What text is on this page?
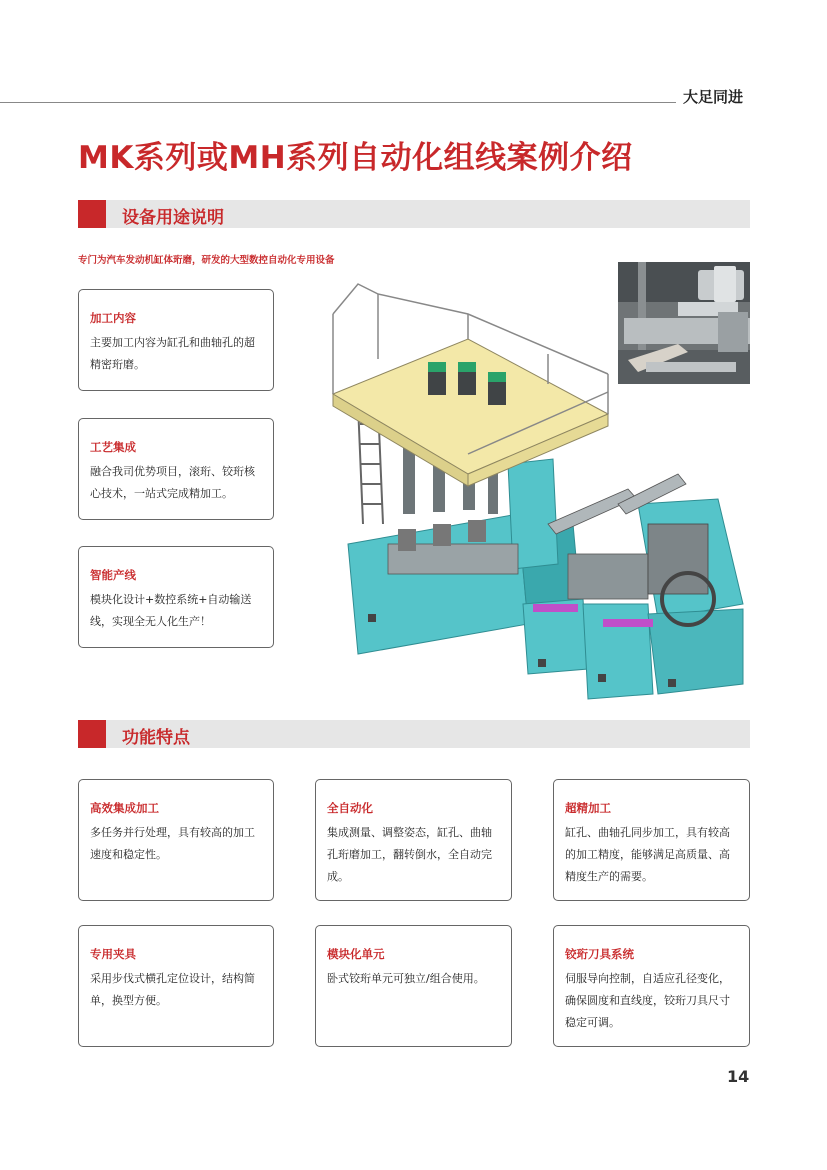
大足同进
MK系列或MH系列自动化组线案例介绍
设备用途说明
专门为汽车发动机缸体珩磨，研发的大型数控自动化专用设备
加工内容
主要加工内容为缸孔和曲轴孔的超精密珩磨。
工艺集成
融合我司优势项目，滚珩、铰珩核心技术，一站式完成精加工。
智能产线
模块化设计+数控系统+自动输送线，实现全无人化生产！
功能特点
高效集成加工
多任务并行处理，具有较高的加工速度和稳定性。
全自动化
集成测量、调整姿态，缸孔、曲轴孔珩磨加工，翻转倒水，全自动完成。
超精加工
缸孔、曲轴孔同步加工，具有较高的加工精度，能够满足高质量、高精度生产的需要。
专用夹具
采用步伐式横孔定位设计，结构简单，换型方便。
模块化单元
卧式铰珩单元可独立/组合使用。
铰珩刀具系统
伺服导向控制，自适应孔径变化，确保圆度和直线度，铰珩刀具尺寸稳定可调。
14
